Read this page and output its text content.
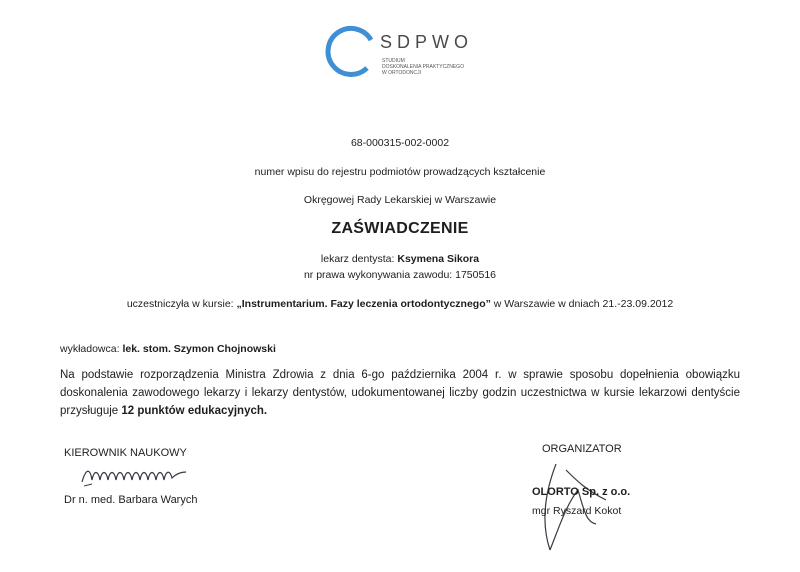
SDPWO
STUDIUM
DOSKONALENIA PRAKTYCZNEGO
W ORTODONCJI
68-000315-002-0002
numer wpisu do rejestru podmiotów prowadzących kształcenie
Okręgowej Rady Lekarskiej w Warszawie
ZAŚWIADCZENIE
lekarz dentysta: Ksymena Sikora
nr prawa wykonywania zawodu: 1750516
uczestniczyła w kursie: „Instrumentarium. Fazy leczenia ortodontycznego” w Warszawie w dniach 21.-23.09.2012
wykładowca: lek. stom. Szymon Chojnowski
Na podstawie rozporządzenia Ministra Zdrowia z dnia 6-go października 2004 r. w sprawie sposobu dopełnienia obowiązku doskonalenia zawodowego lekarzy i lekarzy dentystów, udokumentowanej liczby godzin uczestnictwa w kursie lekarzowi dentyście przysługuje 12 punktów edukacyjnych.
KIEROWNIK NAUKOWY
Dr n. med. Barbara Warych
ORGANIZATOR
OLORTO Sp. z o.o.
mgr Ryszard Kokot
